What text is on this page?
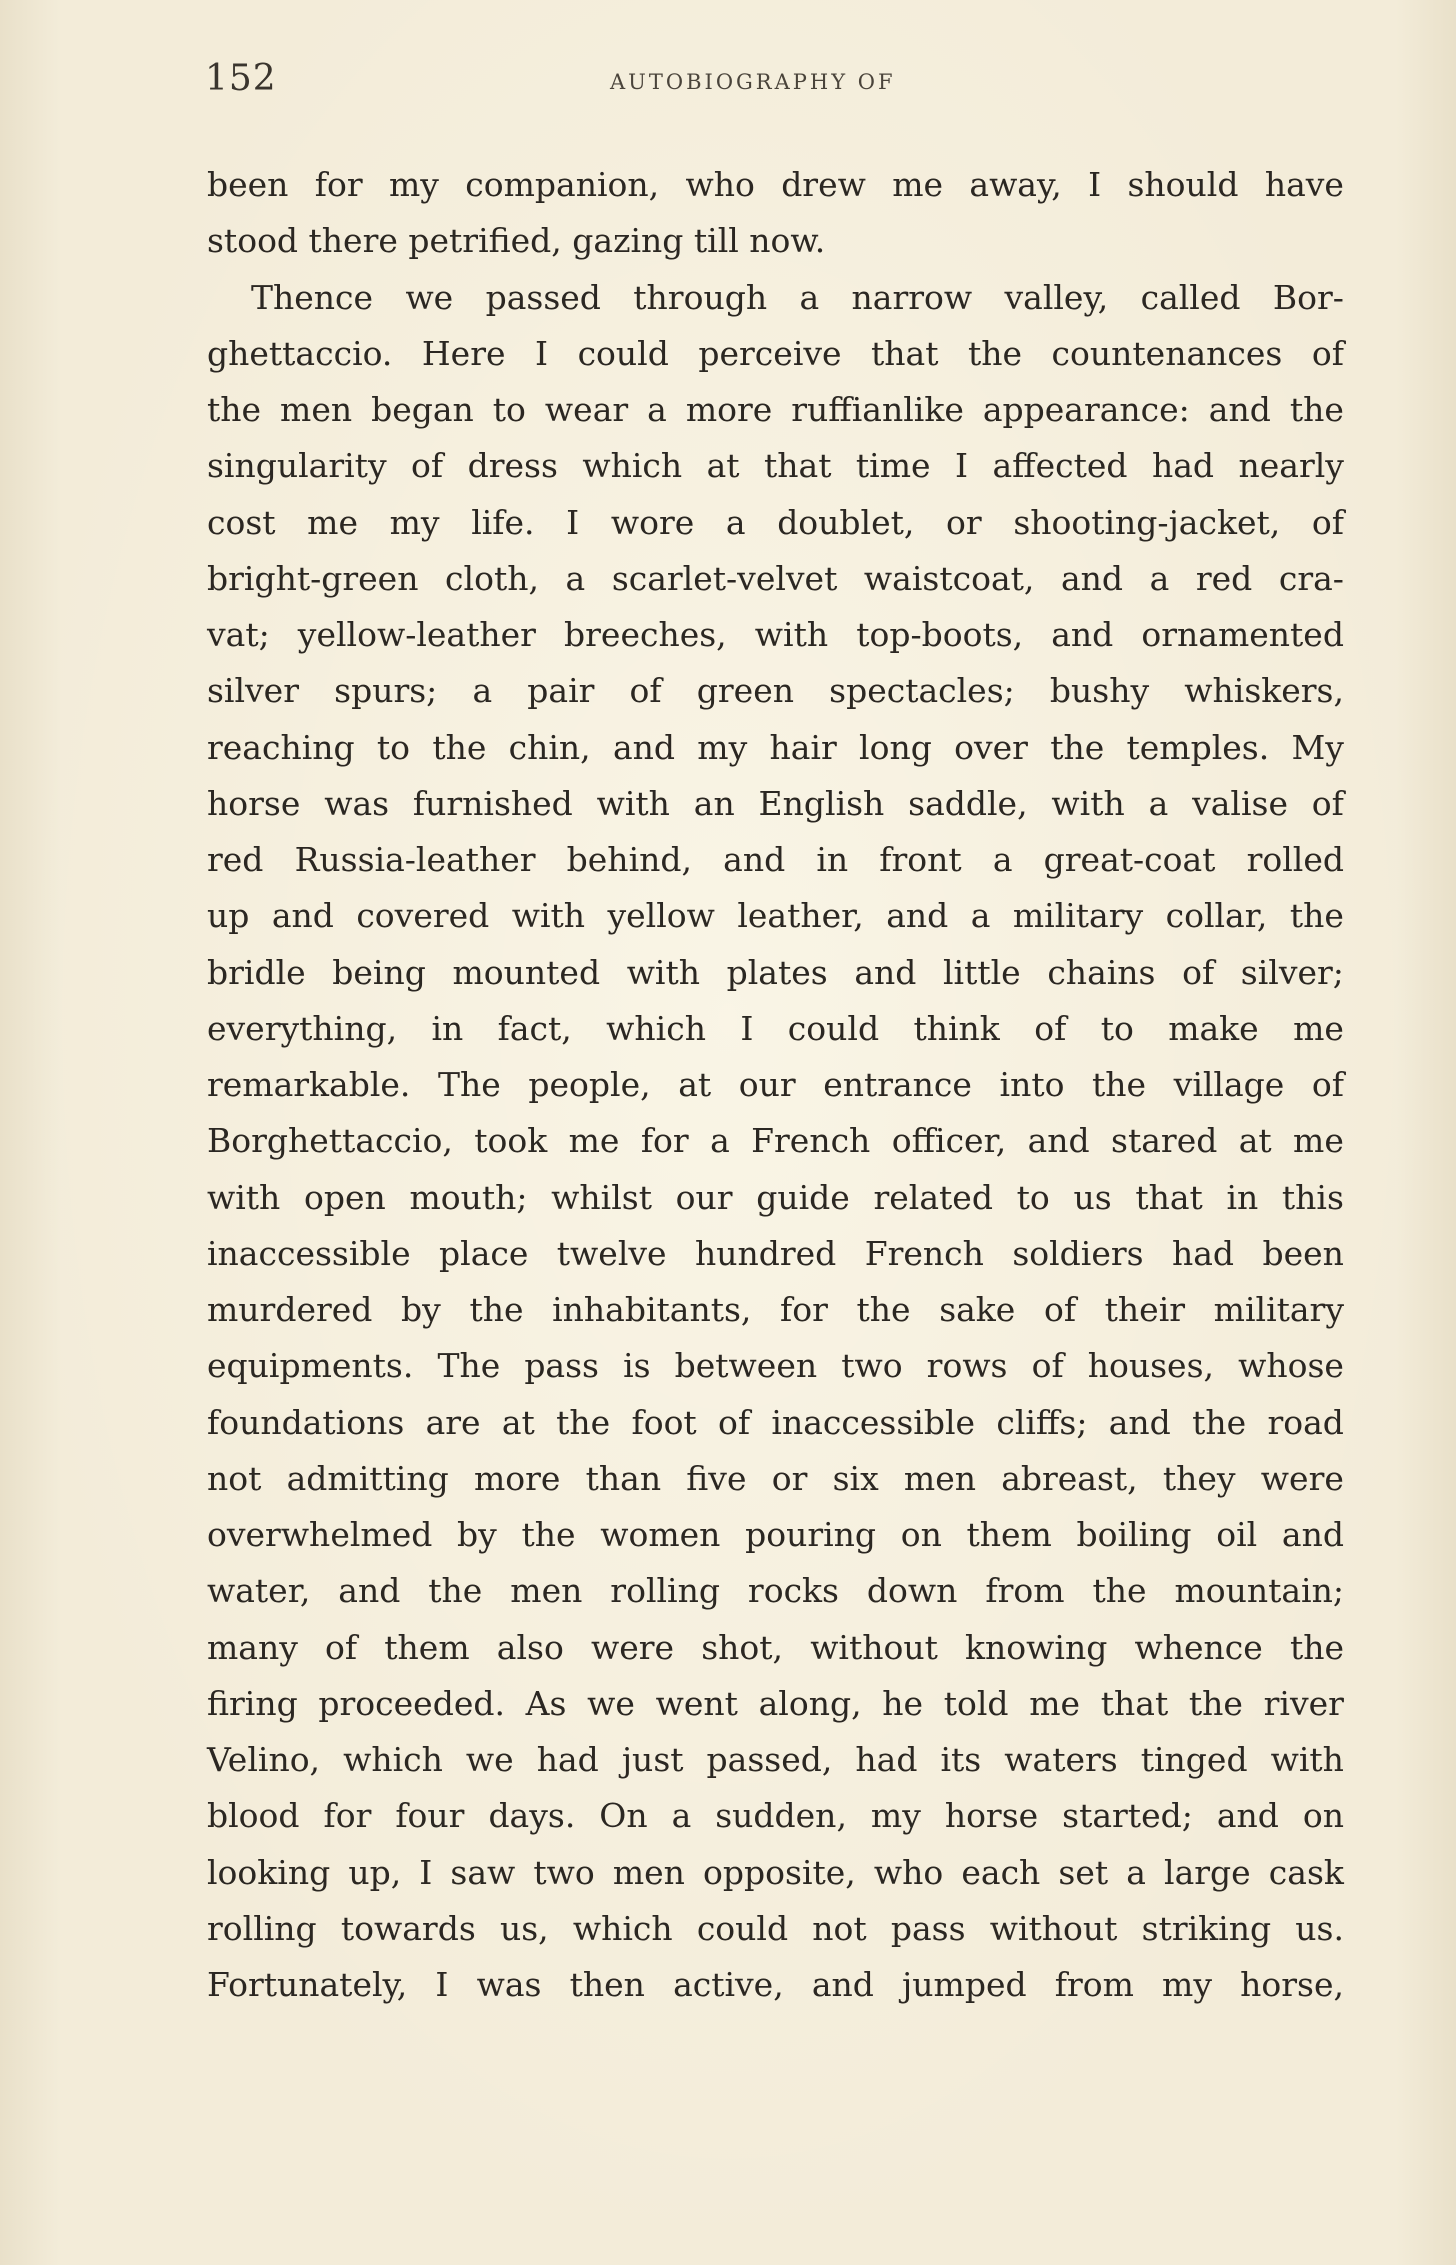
152	AUTOBIOGRAPHY OF
been for my companion, who drew me away, I should have
stood there petrified, gazing till now.
Thence we passed through a narrow valley, called Bor-
ghettaccio. Here I could perceive that the countenances of
the men began to wear a more ruffianlike appearance: and the
singularity of dress which at that time I affected had nearly
cost me my life. I wore a doublet, or shooting-jacket, of
bright-green cloth, a scarlet-velvet waistcoat, and a red cra-
vat; yellow-leather breeches, with top-boots, and ornamented
silver spurs; a pair of green spectacles; bushy whiskers,
reaching to the chin, and my hair long over the temples. My
horse was furnished with an English saddle, with a valise of
red Russia-leather behind, and in front a great-coat rolled
up and covered with yellow leather, and a military collar, the
bridle being mounted with plates and little chains of silver;
everything, in fact, which I could think of to make me
remarkable. The people, at our entrance into the village of
Borghettaccio, took me for a French officer, and stared at me
with open mouth; whilst our guide related to us that in this
inaccessible place twelve hundred French soldiers had been
murdered by the inhabitants, for the sake of their military
equipments. The pass is between two rows of houses, whose
foundations are at the foot of inaccessible cliffs; and the road
not admitting more than five or six men abreast, they were
overwhelmed by the women pouring on them boiling oil and
water, and the men rolling rocks down from the mountain;
many of them also were shot, without knowing whence the
firing proceeded. As we went along, he told me that the river
Velino, which we had just passed, had its waters tinged with
blood for four days. On a sudden, my horse started; and on
looking up, I saw two men opposite, who each set a large cask
rolling towards us, which could not pass without striking us.
Fortunately, I was then active, and jumped from my horse,
